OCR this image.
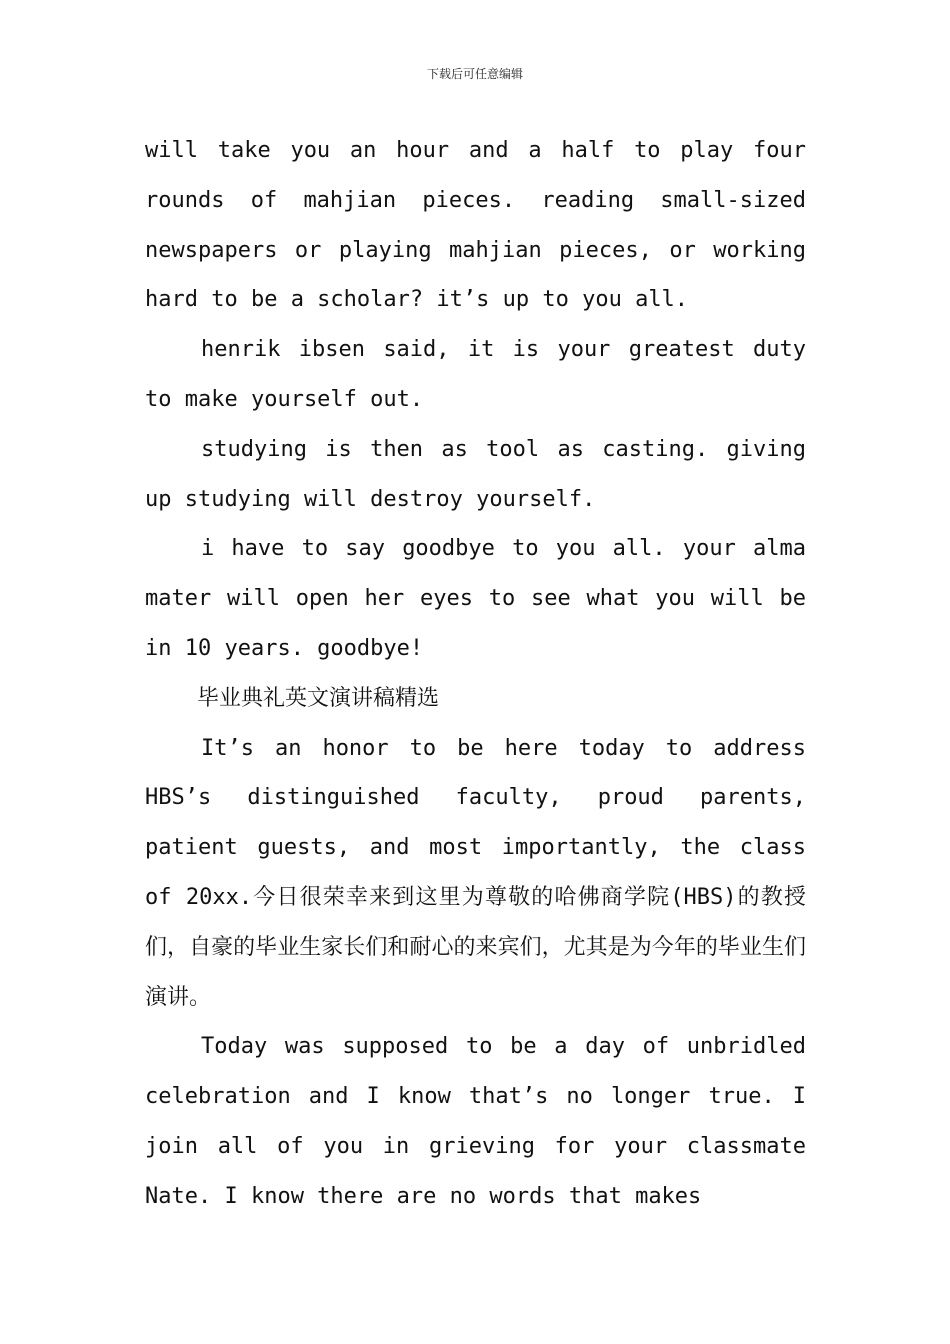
下载后可任意编辑

will take you an hour and a half to play four rounds of mahjian pieces. reading small-sized newspapers or playing mahjian pieces, or working hard to be a scholar? it’s up to you all.

henrik ibsen said, it is your greatest duty to make yourself out.

studying is then as tool as casting. giving up studying will destroy yourself.

i have to say goodbye to you all. your alma mater will open her eyes to see what you will be in 10 years. goodbye!

毕业典礼英文演讲稿精选

It’s an honor to be here today to address HBS’s distinguished faculty, proud parents, patient guests, and most importantly, the class of 20xx.今日很荣幸来到这里为尊敬的哈佛商学院(HBS)的教授们，自豪的毕业生家长们和耐心的来宾们，尤其是为今年的毕业生们演讲。

Today was supposed to be a day of unbridled celebration and I know that’s no longer true. I join all of you in grieving for your classmate Nate. I know there are no words that makes
